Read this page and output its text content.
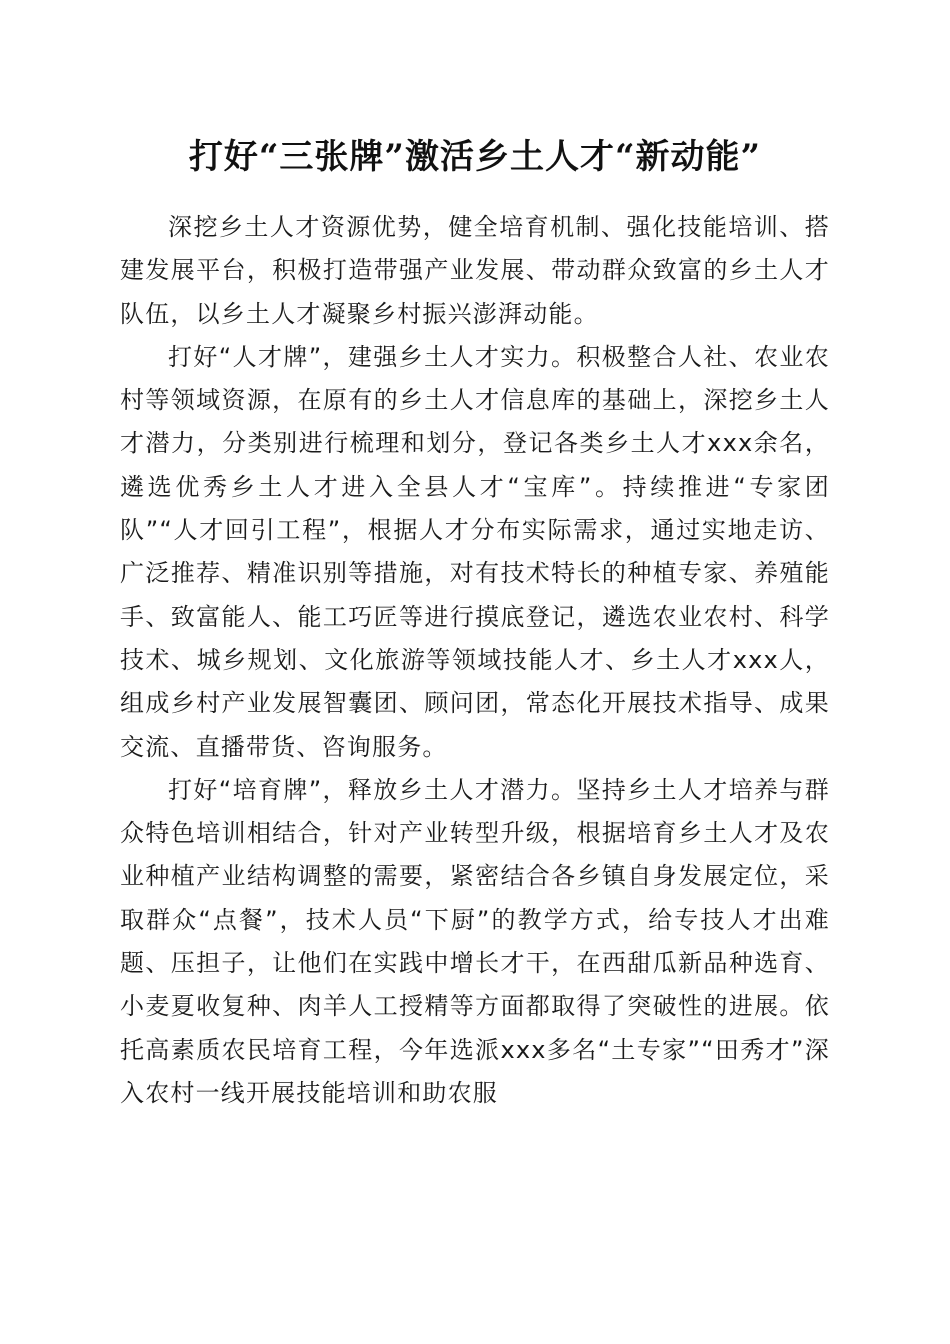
打好“三张牌”激活乡土人才“新动能”

深挖乡土人才资源优势，健全培育机制、强化技能培训、搭建发展平台，积极打造带强产业发展、带动群众致富的乡土人才队伍，以乡土人才凝聚乡村振兴澎湃动能。

打好“人才牌”，建强乡土人才实力。积极整合人社、农业农村等领域资源，在原有的乡土人才信息库的基础上，深挖乡土人才潜力，分类别进行梳理和划分，登记各类乡土人才xxx余名，遴选优秀乡土人才进入全县人才“宝库”。持续推进“专家团队”“人才回引工程”，根据人才分布实际需求，通过实地走访、广泛推荐、精准识别等措施，对有技术特长的种植专家、养殖能手、致富能人、能工巧匠等进行摸底登记，遴选农业农村、科学技术、城乡规划、文化旅游等领域技能人才、乡土人才xxx人，组成乡村产业发展智囊团、顾问团，常态化开展技术指导、成果交流、直播带货、咨询服务。

打好“培育牌”，释放乡土人才潜力。坚持乡土人才培养与群众特色培训相结合，针对产业转型升级，根据培育乡土人才及农业种植产业结构调整的需要，紧密结合各乡镇自身发展定位，采取群众“点餐”，技术人员“下厨”的教学方式，给专技人才出难题、压担子，让他们在实践中增长才干，在西甜瓜新品种选育、小麦夏收复种、肉羊人工授精等方面都取得了突破性的进展。依托高素质农民培育工程，今年选派xxx多名“土专家”“田秀才”深入农村一线开展技能培训和助农服
